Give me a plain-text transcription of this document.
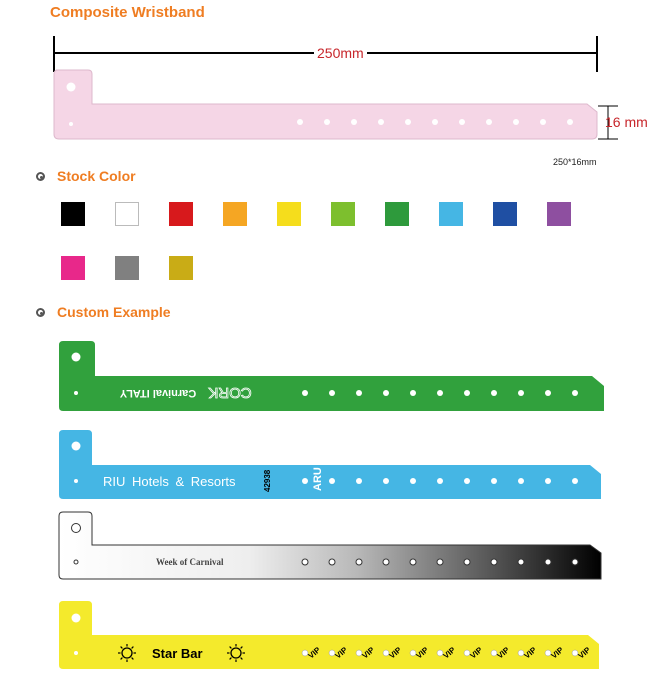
Composite Wristband
250mm
16 mm
250*16mm
Stock Color
Custom Example
Carnival ITALY CORK
RIU Hotels & Resorts	42938	ARU
Week of Carnival
Star Bar	VIP VIP VIP VIP VIP VIP VIP VIP VIP VIP VIP
